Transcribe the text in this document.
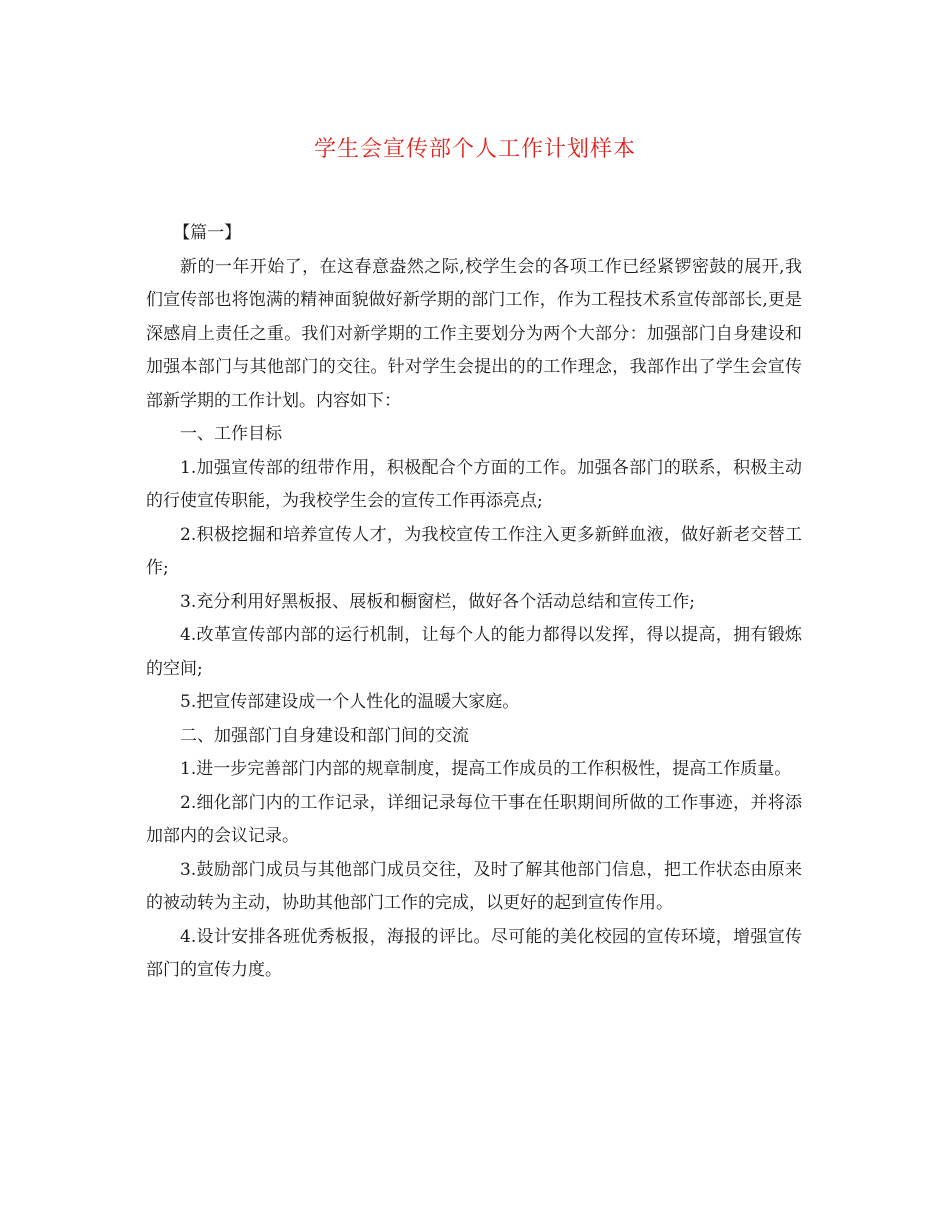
学生会宣传部个人工作计划样本

【篇一】

新的一年开始了，在这春意盎然之际,校学生会的各项工作已经紧锣密鼓的展开,我们宣传部也将饱满的精神面貌做好新学期的部门工作，作为工程技术系宣传部部长,更是深感肩上责任之重。我们对新学期的工作主要划分为两个大部分：加强部门自身建设和加强本部门与其他部门的交往。针对学生会提出的的工作理念，我部作出了学生会宣传部新学期的工作计划。内容如下：

一、工作目标

1.加强宣传部的纽带作用，积极配合个方面的工作。加强各部门的联系，积极主动的行使宣传职能，为我校学生会的宣传工作再添亮点;

2.积极挖掘和培养宣传人才，为我校宣传工作注入更多新鲜血液，做好新老交替工作;

3.充分利用好黑板报、展板和橱窗栏，做好各个活动总结和宣传工作;

4.改革宣传部内部的运行机制，让每个人的能力都得以发挥，得以提高，拥有锻炼的空间;

5.把宣传部建设成一个人性化的温暖大家庭。

二、加强部门自身建设和部门间的交流

1.进一步完善部门内部的规章制度，提高工作成员的工作积极性，提高工作质量。

2.细化部门内的工作记录，详细记录每位干事在任职期间所做的工作事迹，并将添加部内的会议记录。

3.鼓励部门成员与其他部门成员交往，及时了解其他部门信息，把工作状态由原来的被动转为主动，协助其他部门工作的完成，以更好的起到宣传作用。

4.设计安排各班优秀板报，海报的评比。尽可能的美化校园的宣传环境，增强宣传部门的宣传力度。
